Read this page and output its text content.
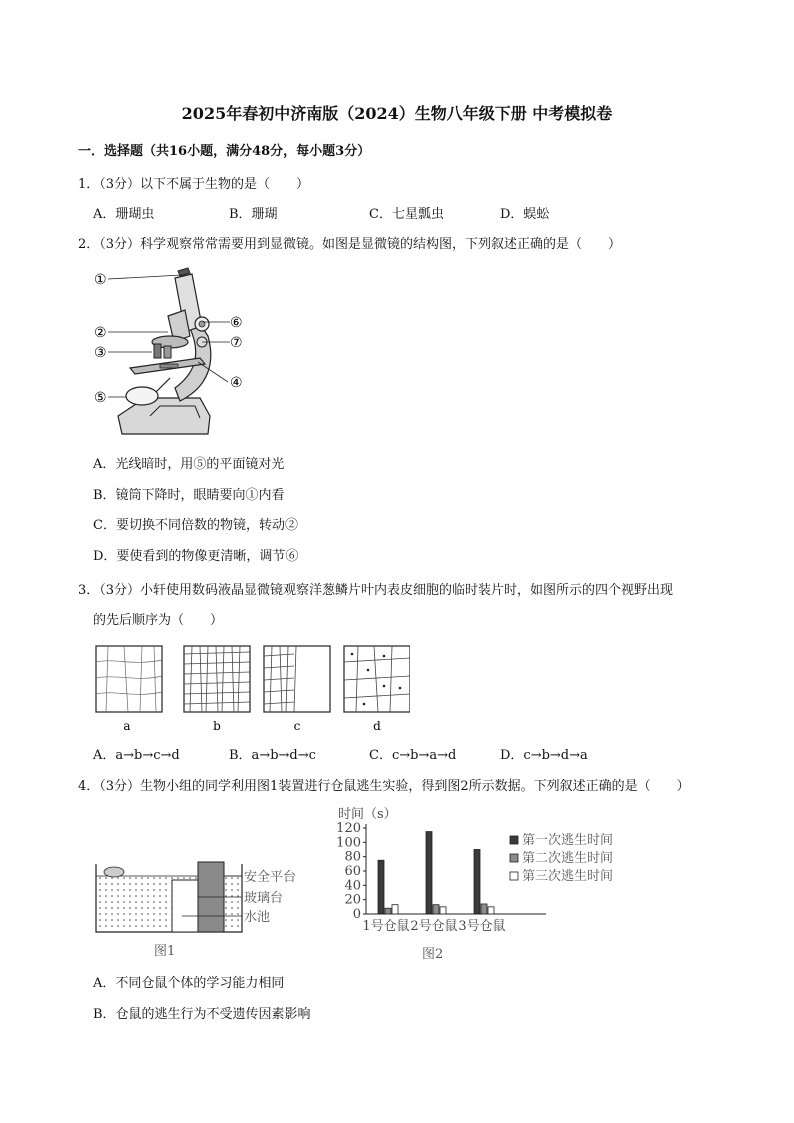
2025年春初中济南版（2024）生物八年级下册 中考模拟卷
一．选择题（共16小题，满分48分，每小题3分）
1．（3分）以下不属于生物的是（　　）
A．珊瑚虫	B．珊瑚	C．七星瓢虫	D．蜈蚣
2．（3分）科学观察常常需要用到显微镜。如图是显微镜的结构图，下列叙述正确的是（　　）
①
②
③
④
⑤
⑥
⑦
A．光线暗时，用⑤的平面镜对光
B．镜筒下降时，眼睛要向①内看
C．要切换不同倍数的物镜，转动②
D．要使看到的物像更清晰，调节⑥
3．（3分）小轩使用数码液晶显微镜观察洋葱鳞片叶内表皮细胞的临时装片时，如图所示的四个视野出现
的先后顺序为（　　）
a	b	c	d
A．a→b→c→d	B．a→b→d→c	C．c→b→a→d	D．c→b→d→a
4．（3分）生物小组的同学利用图1装置进行仓鼠逃生实验，得到图2所示数据。下列叙述正确的是（　　）
安全平台
玻璃台
水池
图1
时间（s）
0
20
40
60
80
100
120
1号仓鼠 2号仓鼠 3号仓鼠
第一次逃生时间
第二次逃生时间
第三次逃生时间
图2
A．不同仓鼠个体的学习能力相同
B．仓鼠的逃生行为不受遗传因素影响
